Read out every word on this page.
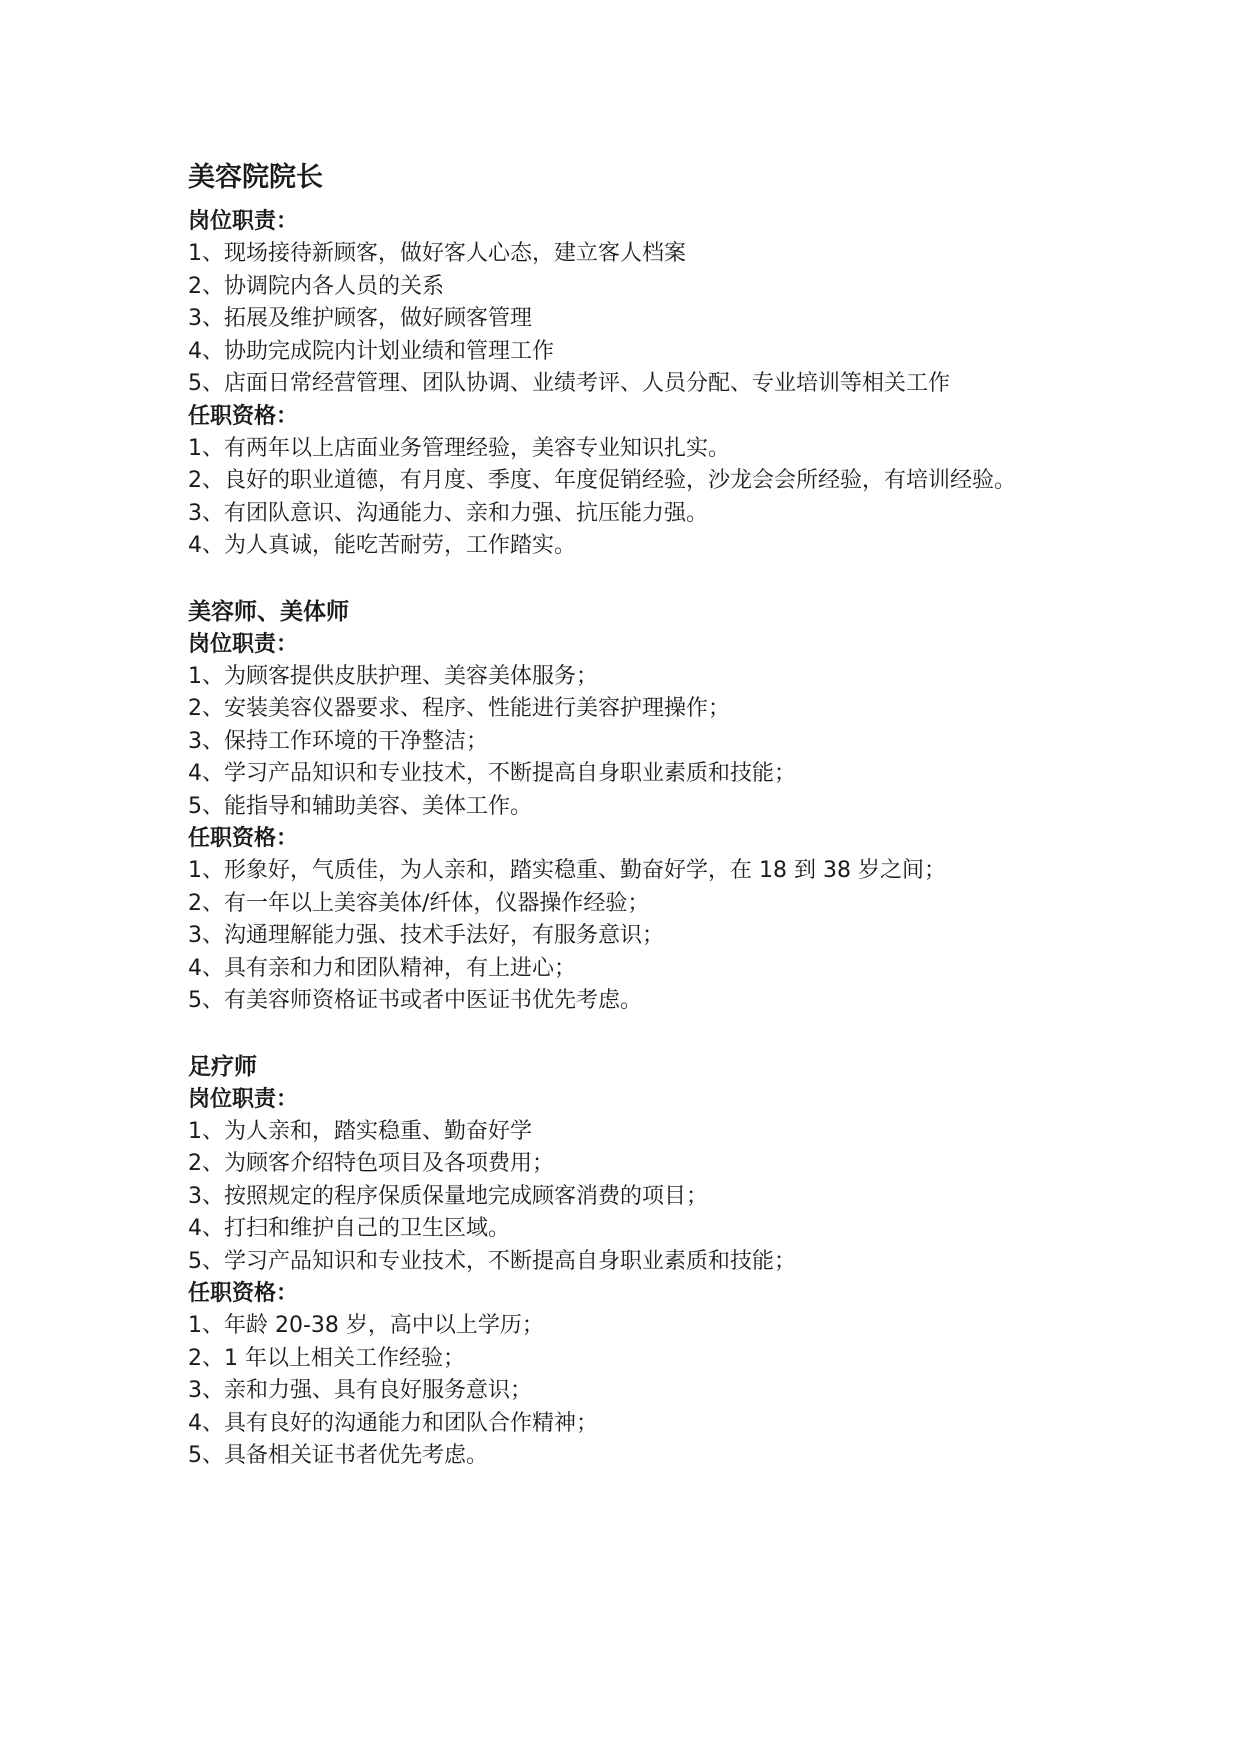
美容院院长
岗位职责：
1、现场接待新顾客，做好客人心态，建立客人档案
2、协调院内各人员的关系
3、拓展及维护顾客，做好顾客管理
4、协助完成院内计划业绩和管理工作
5、店面日常经营管理、团队协调、业绩考评、人员分配、专业培训等相关工作
任职资格：
1、有两年以上店面业务管理经验，美容专业知识扎实。
2、良好的职业道德，有月度、季度、年度促销经验，沙龙会会所经验，有培训经验。
3、有团队意识、沟通能力、亲和力强、抗压能力强。
4、为人真诚，能吃苦耐劳，工作踏实。
美容师、美体师
岗位职责：
1、为顾客提供皮肤护理、美容美体服务；
2、安装美容仪器要求、程序、性能进行美容护理操作；
3、保持工作环境的干净整洁；
4、学习产品知识和专业技术，不断提高自身职业素质和技能；
5、能指导和辅助美容、美体工作。
任职资格：
1、形象好，气质佳，为人亲和，踏实稳重、勤奋好学，在 18 到 38 岁之间；
2、有一年以上美容美体/纤体，仪器操作经验；
3、沟通理解能力强、技术手法好，有服务意识；
4、具有亲和力和团队精神，有上进心；
5、有美容师资格证书或者中医证书优先考虑。
足疗师
岗位职责：
1、为人亲和，踏实稳重、勤奋好学
2、为顾客介绍特色项目及各项费用；
3、按照规定的程序保质保量地完成顾客消费的项目；
4、打扫和维护自己的卫生区域。
5、学习产品知识和专业技术，不断提高自身职业素质和技能；
任职资格：
1、年龄 20-38 岁，高中以上学历；
2、1 年以上相关工作经验；
3、亲和力强、具有良好服务意识；
4、具有良好的沟通能力和团队合作精神；
5、具备相关证书者优先考虑。
